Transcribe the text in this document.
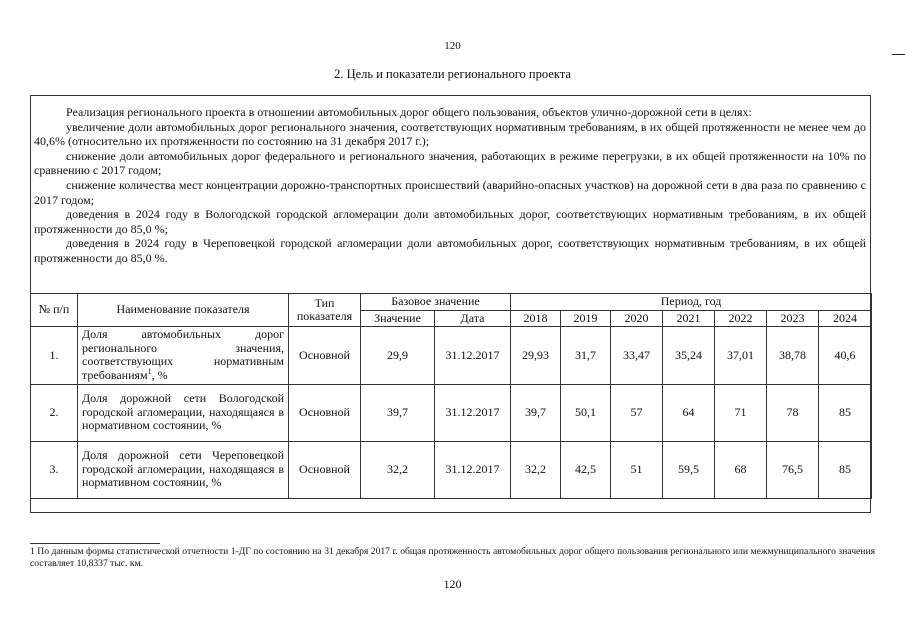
120
2. Цель и показатели регионального проекта

Реализация регионального проекта в отношении автомобильных дорог общего пользования, объектов улично-дорожной сети в целях:

увеличение доли автомобильных дорог регионального значения, соответствующих нормативным требованиям, в их общей протяженности не менее чем до 40,6% (относительно их протяженности по состоянию на 31 декабря 2017 г.);

снижение доли автомобильных дорог федерального и регионального значения, работающих в режиме перегрузки, в их общей протяженности на 10% по сравнению с 2017 годом;

снижение количества мест концентрации дорожно-транспортных происшествий (аварийно-опасных участков) на дорожной сети в два раза по сравнению с 2017 годом;

доведения в 2024 году в Вологодской городской агломерации доли автомобильных дорог, соответствующих нормативным требованиям, в их общей протяженности до 85,0 %;

доведения в 2024 году в Череповецкой городской агломерации доли автомобильных дорог, соответствующих нормативным требованиям, в их общей протяженности до 85,0 %.

№ п/п	Наименование показателя	Тип показателя	Базовое значение		Период, год						
			Значение	Дата	2018	2019	2020	2021	2022	2023	2024
1.	Доля автомобильных дорог регионального значения, соответствующих нормативным требованиям$^1$, %	Основной	29,9	31.12.2017	29,93	31,7	33,47	35,24	37,01	38,78	40,6
2.	Доля дорожной сети Вологодской городской агломерации, находящаяся в нормативном состоянии, %	Основной	39,7	31.12.2017	39,7	50,1	57	64	71	78	85
3.	Доля дорожной сети Череповецкой городской агломерации, находящаяся в нормативном состоянии, %	Основной	32,2	31.12.2017	32,2	42,5	51	59,5	68	76,5	85
1 По данным формы статистической отчетности 1-ДГ по состоянию на 31 декабря 2017 г. общая протяженность автомобильных дорог общего пользования регионального или межмуниципального значения составляет 10,8337 тыс. км.
120
